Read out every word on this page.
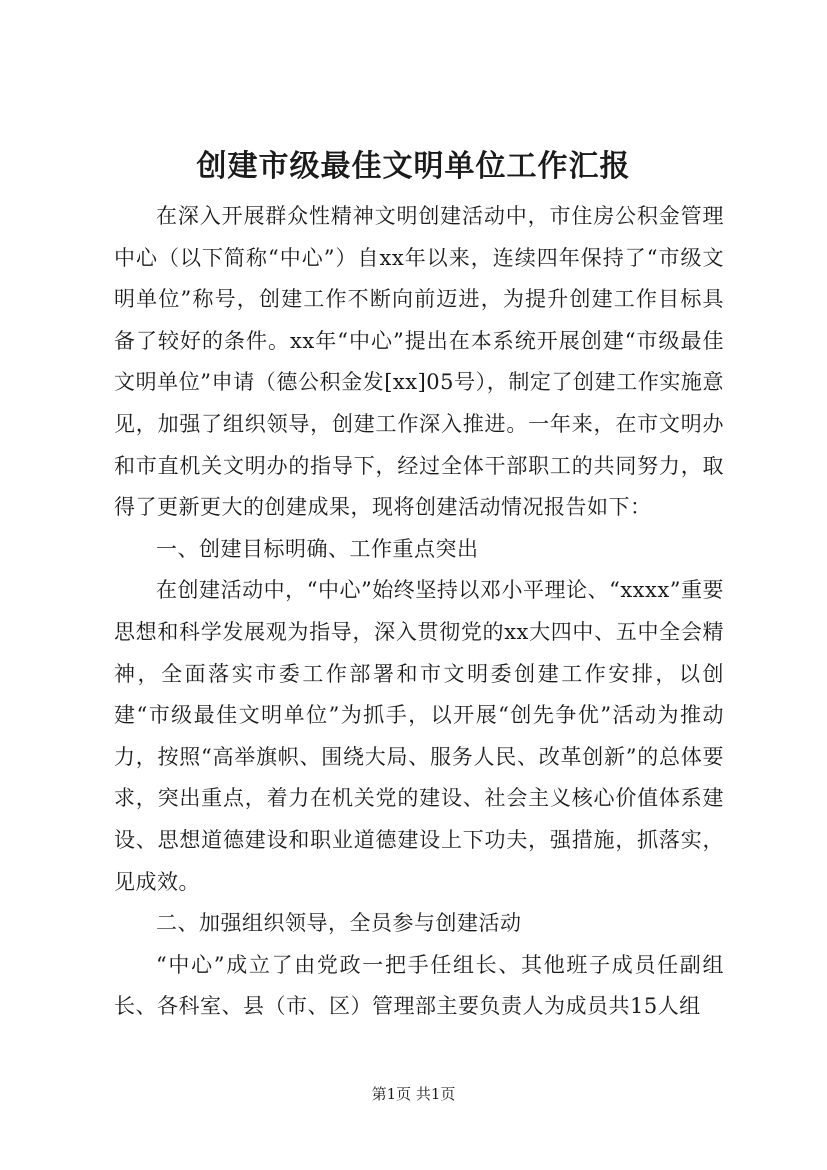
创建市级最佳文明单位工作汇报

在深入开展群众性精神文明创建活动中，市住房公积金管理中心（以下简称“中心”）自xx年以来，连续四年保持了“市级文明单位”称号，创建工作不断向前迈进，为提升创建工作目标具备了较好的条件。xx年“中心”提出在本系统开展创建“市级最佳文明单位”申请（德公积金发[xx]05号），制定了创建工作实施意见，加强了组织领导，创建工作深入推进。一年来，在市文明办和市直机关文明办的指导下，经过全体干部职工的共同努力，取得了更新更大的创建成果，现将创建活动情况报告如下：

一、创建目标明确、工作重点突出

在创建活动中，“中心”始终坚持以邓小平理论、“xxxx”重要思想和科学发展观为指导，深入贯彻党的xx大四中、五中全会精神，全面落实市委工作部署和市文明委创建工作安排，以创建“市级最佳文明单位”为抓手，以开展“创先争优”活动为推动力，按照“高举旗帜、围绕大局、服务人民、改革创新”的总体要求，突出重点，着力在机关党的建设、社会主义核心价值体系建设、思想道德建设和职业道德建设上下功夫，强措施，抓落实，见成效。

二、加强组织领导，全员参与创建活动

“中心”成立了由党政一把手任组长、其他班子成员任副组长、各科室、县（市、区）管理部主要负责人为成员共15人组

第1页 共1页
